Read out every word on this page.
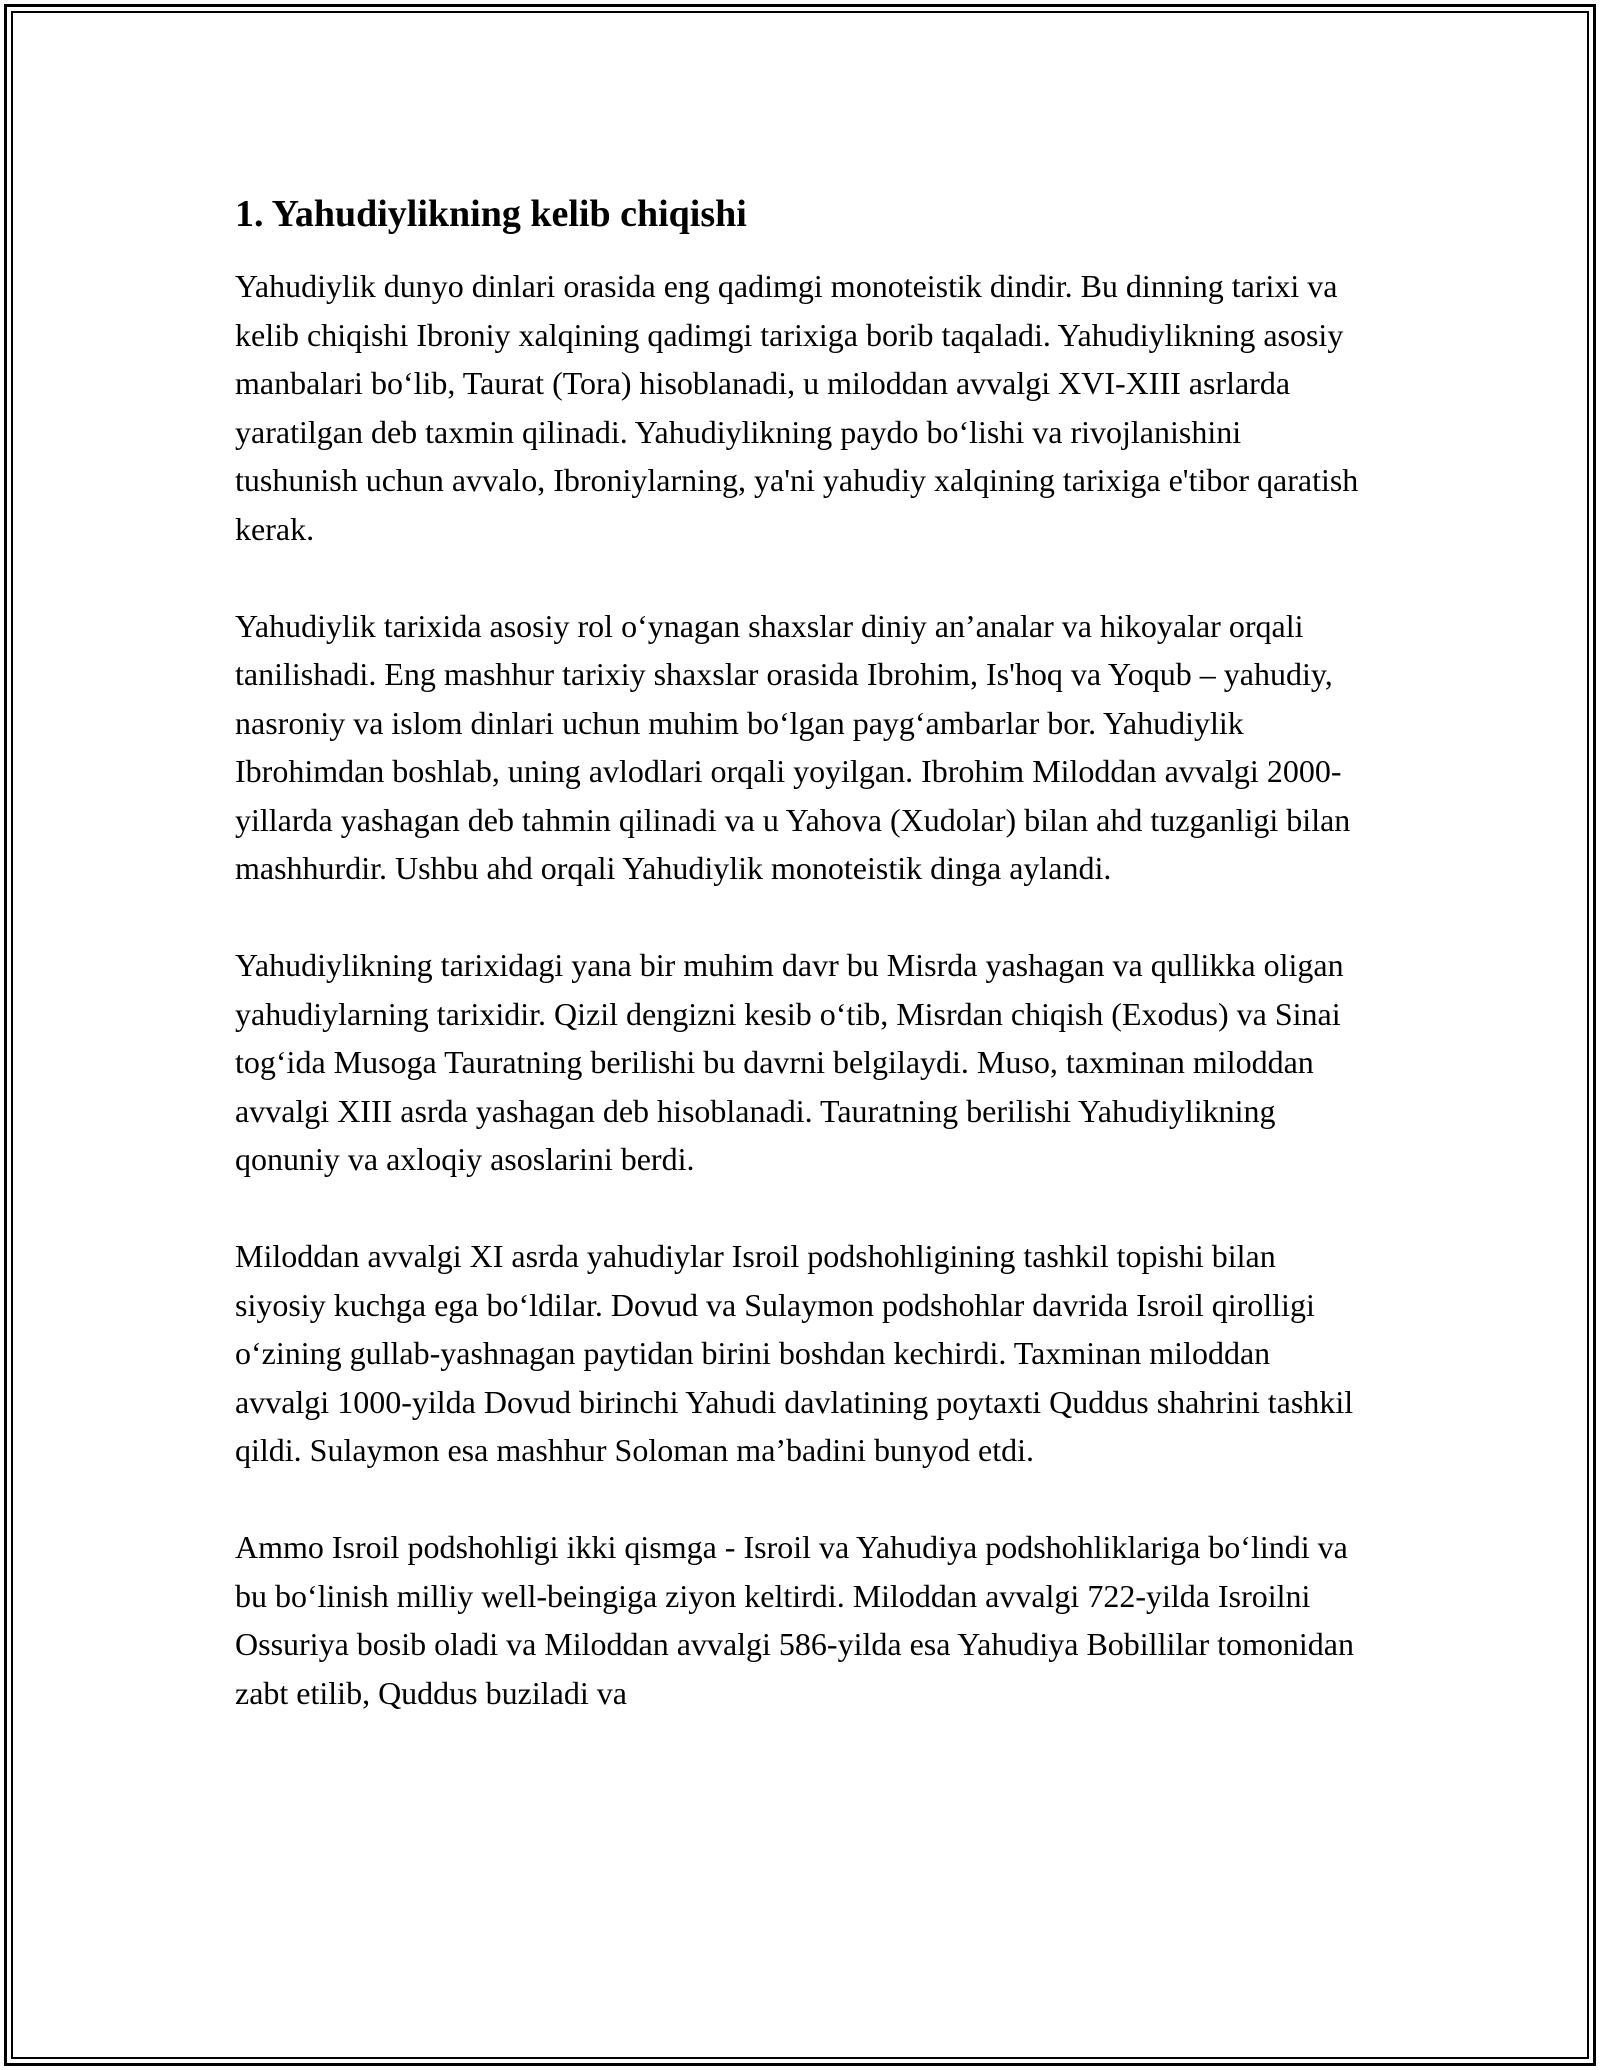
1. Yahudiylikning kelib chiqishi

Yahudiylik dunyo dinlari orasida eng qadimgi monoteistik dindir. Bu dinning tarixi va kelib chiqishi Ibroniy xalqining qadimgi tarixiga borib taqaladi. Yahudiylikning asosiy manbalari bo‘lib, Taurat (Tora) hisoblanadi, u miloddan avvalgi XVI-XIII asrlarda yaratilgan deb taxmin qilinadi. Yahudiylikning paydo bo‘lishi va rivojlanishini tushunish uchun avvalo, Ibroniylarning, ya'ni yahudiy xalqining tarixiga e'tibor qaratish kerak.

Yahudiylik tarixida asosiy rol o‘ynagan shaxslar diniy an’analar va hikoyalar orqali tanilishadi. Eng mashhur tarixiy shaxslar orasida Ibrohim, Is'hoq va Yoqub – yahudiy, nasroniy va islom dinlari uchun muhim bo‘lgan payg‘ambarlar bor. Yahudiylik Ibrohimdan boshlab, uning avlodlari orqali yoyilgan. Ibrohim Miloddan avvalgi 2000-yillarda yashagan deb tahmin qilinadi va u Yahova (Xudolar) bilan ahd tuzganligi bilan mashhurdir. Ushbu ahd orqali Yahudiylik monoteistik dinga aylandi.

Yahudiylikning tarixidagi yana bir muhim davr bu Misrda yashagan va qullikka oligan yahudiylarning tarixidir. Qizil dengizni kesib o‘tib, Misrdan chiqish (Exodus) va Sinai tog‘ida Musoga Tauratning berilishi bu davrni belgilaydi. Muso, taxminan miloddan avvalgi XIII asrda yashagan deb hisoblanadi. Tauratning berilishi Yahudiylikning qonuniy va axloqiy asoslarini berdi.

Miloddan avvalgi XI asrda yahudiylar Isroil podshohligining tashkil topishi bilan siyosiy kuchga ega bo‘ldilar. Dovud va Sulaymon podshohlar davrida Isroil qirolligi o‘zining gullab-yashnagan paytidan birini boshdan kechirdi. Taxminan miloddan avvalgi 1000-yilda Dovud birinchi Yahudi davlatining poytaxti Quddus shahrini tashkil qildi. Sulaymon esa mashhur Soloman ma’badini bunyod etdi.

Ammo Isroil podshohligi ikki qismga - Isroil va Yahudiya podshohliklariga bo‘lindi va bu bo‘linish milliy well-beingiga ziyon keltirdi. Miloddan avvalgi 722-yilda Isroilni Ossuriya bosib oladi va Miloddan avvalgi 586-yilda esa Yahudiya Bobillilar tomonidan zabt etilib, Quddus buziladi va
